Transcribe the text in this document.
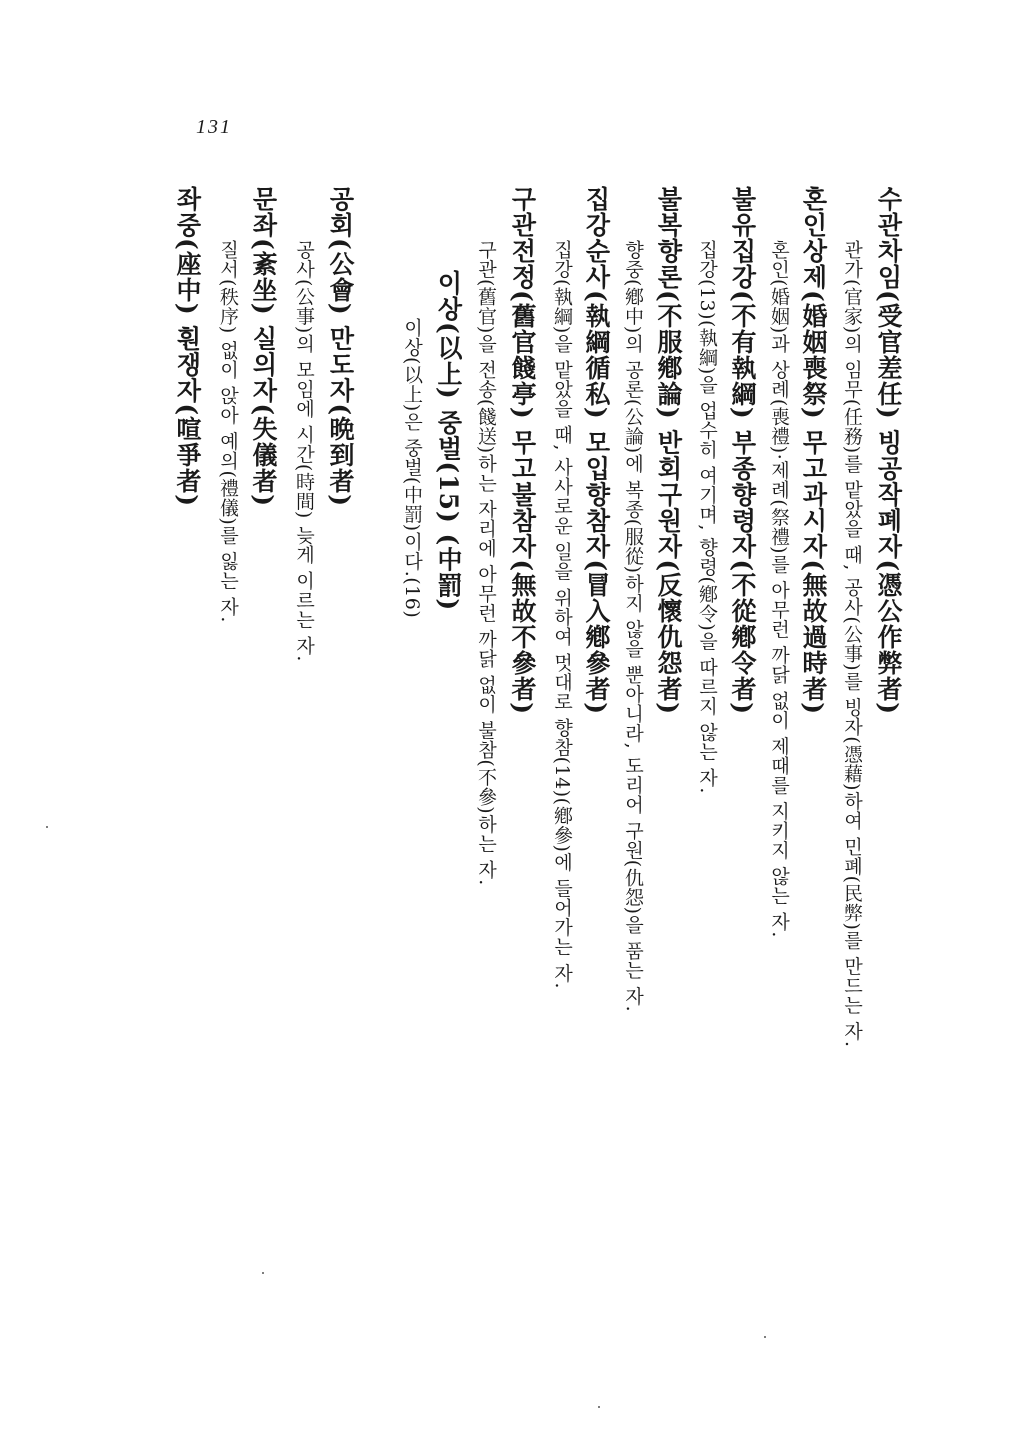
131
수관차임(受官差任) 빙공작폐자(憑公作弊者)
관가(官家)의 임무(任務)를 맡았을 때, 공사(公事)를 빙자(憑藉)하여 민폐(民弊)를 만드는 자.
혼인상제(婚姻喪祭) 무고과시자(無故過時者)
혼인(婚姻)과 상례(喪禮)·제례(祭禮)를 아무런 까닭 없이 제때를 지키지 않는 자.
불유집강(不有執綱) 부종향령자(不從鄕令者)
집강(13)(執綱)을 업수히 여기며, 향령(鄕令)을 따르지 않는 자.
불복향론(不服鄕論) 반회구원자(反懷仇怨者)
향중(鄕中)의 공론(公論)에 복종(服從)하지 않을 뿐아니라, 도리어 구원(仇怨)을 품는 자.
집강순사(執綱循私) 모입향참자(冒入鄕參者)
집강(執綱)을 맡았을 때, 사사로운 일을 위하여 멋대로 향참(14)(鄕參)에 들어가는 자.
구관전정(舊官餞亭) 무고불참자(無故不參者)
구관(舊官)을 전송(餞送)하는 자리에 아무런 까닭 없이 불참(不參)하는 자.
이상(以上) 중벌(15) (中罰)
이상(以上)은 중벌(中罰)이다.(16)
공회(公會) 만도자(晩到者)
공사(公事)의 모임에 시간(時間) 늦게 이르는 자.
문좌(紊坐) 실의자(失儀者)
질서(秩序) 없이 앉아 예의(禮儀)를 잃는 자.
좌중(座中) 훤쟁자(喧爭者)
